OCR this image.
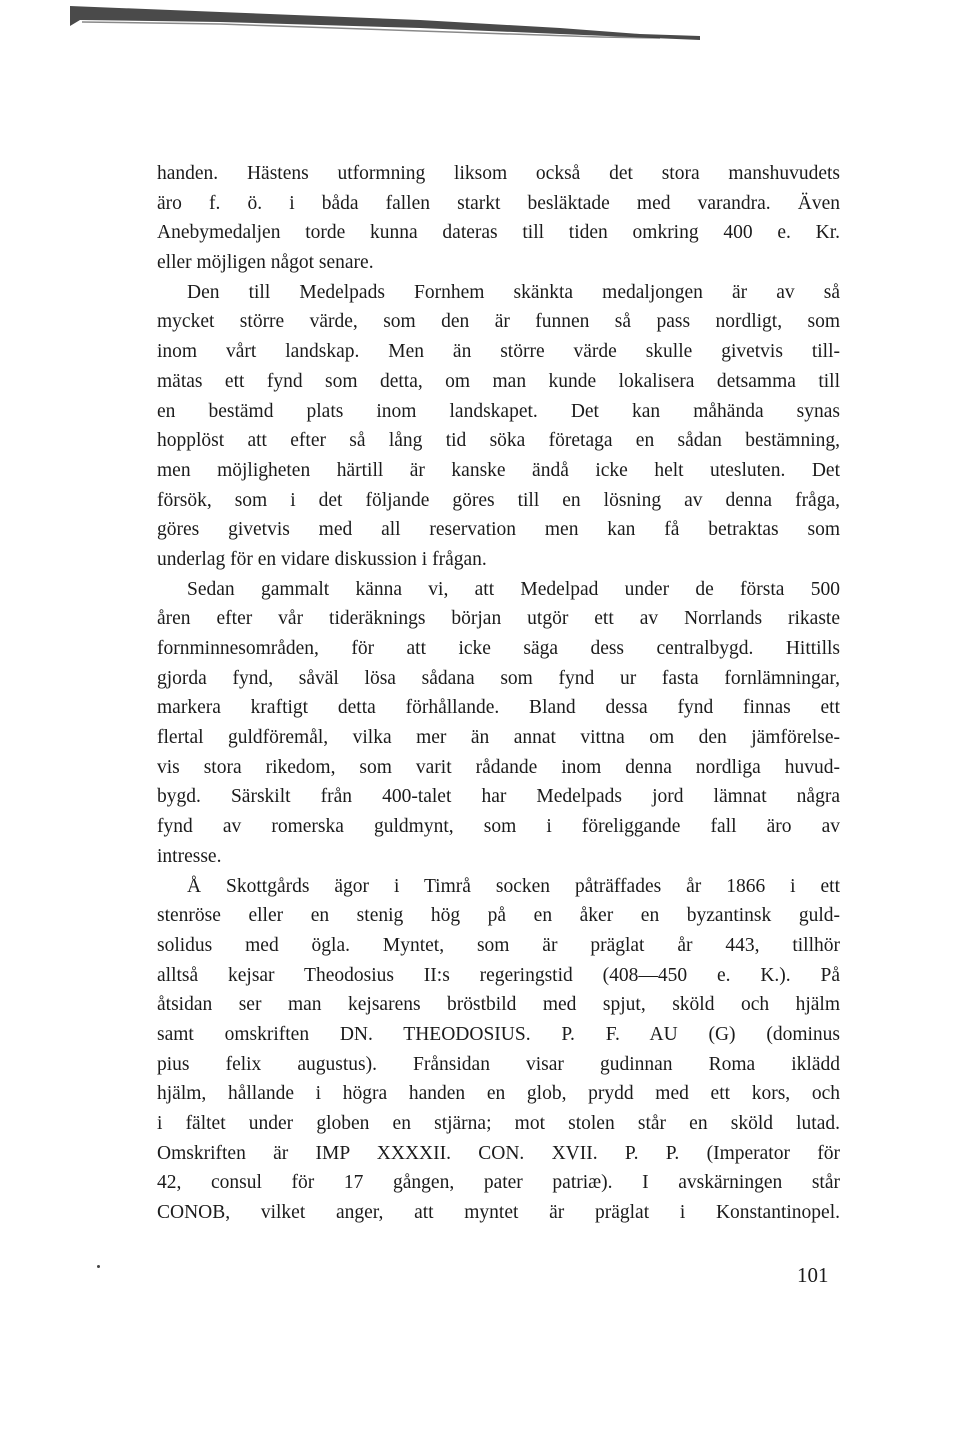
handen. Hästens utformning liksom också det stora manshuvudets
äro f. ö. i båda fallen starkt besläktade med varandra. Även
Anebymedaljen torde kunna dateras till tiden omkring 400 e. Kr.
eller möjligen något senare.
Den till Medelpads Fornhem skänkta medaljongen är av så
mycket större värde, som den är funnen så pass nordligt, som
inom vårt landskap. Men än större värde skulle givetvis till-
mätas ett fynd som detta, om man kunde lokalisera detsamma till
en bestämd plats inom landskapet. Det kan måhända synas
hopplöst att efter så lång tid söka företaga en sådan bestämning,
men möjligheten härtill är kanske ändå icke helt utesluten. Det
försök, som i det följande göres till en lösning av denna fråga,
göres givetvis med all reservation men kan få betraktas som
underlag för en vidare diskussion i frågan.
Sedan gammalt känna vi, att Medelpad under de första 500
åren efter vår tideräknings början utgör ett av Norrlands rikaste
fornminnesområden, för att icke säga dess centralbygd. Hittills
gjorda fynd, såväl lösa sådana som fynd ur fasta fornlämningar,
markera kraftigt detta förhållande. Bland dessa fynd finnas ett
flertal guldföremål, vilka mer än annat vittna om den jämförelse-
vis stora rikedom, som varit rådande inom denna nordliga huvud-
bygd. Särskilt från 400-talet har Medelpads jord lämnat några
fynd av romerska guldmynt, som i föreliggande fall äro av
intresse.
Å Skottgårds ägor i Timrå socken påträffades år 1866 i ett
stenröse eller en stenig hög på en åker en byzantinsk guld-
solidus med ögla. Myntet, som är präglat år 443, tillhör
alltså kejsar Theodosius II:s regeringstid (408—450 e. K.). På
åtsidan ser man kejsarens bröstbild med spjut, sköld och hjälm
samt omskriften DN. THEODOSIUS. P. F. AU (G) (dominus
pius felix augustus). Frånsidan visar gudinnan Roma iklädd
hjälm, hållande i högra handen en glob, prydd med ett kors, och
i fältet under globen en stjärna; mot stolen står en sköld lutad.
Omskriften är IMP XXXXII. CON. XVII. P. P. (Imperator för
42, consul för 17 gången, pater patriæ). I avskärningen står
CONOB, vilket anger, att myntet är präglat i Konstantinopel.
101
